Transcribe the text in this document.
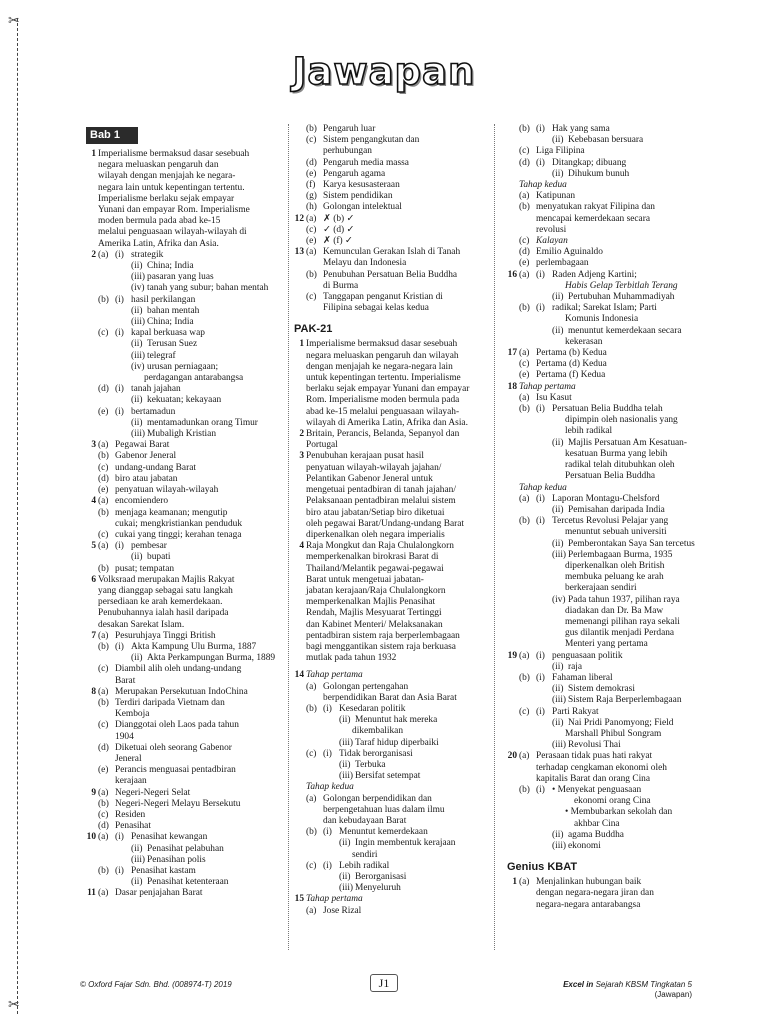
✂
✂
Jawapan
Bab 1
1 Imperialisme bermaksud dasar sesebuah
negara meluaskan pengaruh dan
wilayah dengan menjajah ke negara-
negara lain untuk kepentingan tertentu.
Imperialisme berlaku sejak empayar
Yunani dan empayar Rom. Imperialisme
moden bermula pada abad ke-15
melalui penguasaan wilayah-wilayah di
Amerika Latin, Afrika dan Asia.
2 (a) (i) strategik
(ii) China; India
(iii) pasaran yang luas
(iv) tanah yang subur; bahan mentah
(b) (i) hasil perkilangan
(ii) bahan mentah
(iii) China; India
(c) (i) kapal berkuasa wap
(ii) Terusan Suez
(iii) telegraf
(iv) urusan perniagaan;
perdagangan antarabangsa
(d) (i) tanah jajahan
(ii) kekuatan; kekayaan
(e) (i) bertamadun
(ii) mentamadunkan orang Timur
(iii) Mubaligh Kristian
3 (a) Pegawai Barat
(b) Gabenor Jeneral
(c) undang-undang Barat
(d) biro atau jabatan
(e) penyatuan wilayah-wilayah
4 (a) encomiendero
(b) menjaga keamanan; mengutip
cukai; mengkristiankan penduduk
(c) cukai yang tinggi; kerahan tenaga
5 (a) (i) pembesar
(ii) bupati
(b) pusat; tempatan
6 Volksraad merupakan Majlis Rakyat
yang dianggap sebagai satu langkah
persediaan ke arah kemerdekaan.
Penubuhannya ialah hasil daripada
desakan Sarekat Islam.
7 (a) Pesuruhjaya Tinggi British
(b) (i) Akta Kampung Ulu Burma, 1887
(ii) Akta Perkampungan Burma, 1889
(c) Diambil alih oleh undang-undang
Barat
8 (a) Merupakan Persekutuan IndoChina
(b) Terdiri daripada Vietnam dan
Kemboja
(c) Dianggotai oleh Laos pada tahun
1904
(d) Diketuai oleh seorang Gabenor
Jeneral
(e) Perancis menguasai pentadbiran
kerajaan
9 (a) Negeri-Negeri Selat
(b) Negeri-Negeri Melayu Bersekutu
(c) Residen
(d) Penasihat
10 (a) (i) Penasihat kewangan
(ii) Penasihat pelabuhan
(iii) Penasihan polis
(b) (i) Penasihat kastam
(ii) Penasihat ketenteraan
11 (a) Dasar penjajahan Barat
(b) Pengaruh luar
(c) Sistem pengangkutan dan
perhubungan
(d) Pengaruh media massa
(e) Pengaruh agama
(f) Karya kesusasteraan
(g) Sistem pendidikan
(h) Golongan intelektual
12 (a) ✗ (b) ✓
(c) ✓ (d) ✓
(e) ✗ (f) ✓
13 (a) Kemunculan Gerakan Islah di Tanah
Melayu dan Indonesia
(b) Penubuhan Persatuan Belia Buddha
di Burma
(c) Tanggapan penganut Kristian di
Filipina sebagai kelas kedua
PAK-21
1 Imperialisme bermaksud dasar sesebuah
negara meluaskan pengaruh dan wilayah
dengan menjajah ke negara-negara lain
untuk kepentingan tertentu. Imperialisme
berlaku sejak empayar Yunani dan empayar
Rom. Imperialisme moden bermula pada
abad ke-15 melalui penguasaan wilayah-
wilayah di Amerika Latin, Afrika dan Asia.
2 Britain, Perancis, Belanda, Sepanyol dan
Portugal
3 Penubuhan kerajaan pusat hasil
penyatuan wilayah-wilayah jajahan/
Pelantikan Gabenor Jeneral untuk
mengetuai pentadbiran di tanah jajahan/
Pelaksanaan pentadbiran melalui sistem
biro atau jabatan/Setiap biro diketuai
oleh pegawai Barat/Undang-undang Barat
diperkenalkan oleh negara imperialis
4 Raja Mongkut dan Raja Chulalongkorn
memperkenalkan birokrasi Barat di
Thailand/Melantik pegawai-pegawai
Barat untuk mengetuai jabatan-
jabatan kerajaan/Raja Chulalongkorn
memperkenalkan Majlis Penasihat
Rendah, Majlis Mesyuarat Tertinggi
dan Kabinet Menteri/ Melaksanakan
pentadbiran sistem raja berperlembagaan
bagi menggantikan sistem raja berkuasa
mutlak pada tahun 1932
14 Tahap pertama
(a) Golongan pertengahan
berpendidikan Barat dan Asia Barat
(b) (i) Kesedaran politik
(ii) Menuntut hak mereka
dikembalikan
(iii) Taraf hidup diperbaiki
(c) (i) Tidak berorganisasi
(ii) Terbuka
(iii) Bersifat setempat
Tahap kedua
(a) Golongan berpendidikan dan
berpengetahuan luas dalam ilmu
dan kebudayaan Barat
(b) (i) Menuntut kemerdekaan
(ii) Ingin membentuk kerajaan
sendiri
(c) (i) Lebih radikal
(ii) Berorganisasi
(iii) Menyeluruh
15 Tahap pertama
(a) Jose Rizal
(b) (i) Hak yang sama
(ii) Kebebasan bersuara
(c) Liga Filipina
(d) (i) Ditangkap; dibuang
(ii) Dihukum bunuh
Tahap kedua
(a) Katipunan
(b) menyatukan rakyat Filipina dan
mencapai kemerdekaan secara
revolusi
(c) Kalayan
(d) Emilio Aguinaldo
(e) perlembagaan
16 (a) (i) Raden Adjeng Kartini;
Habis Gelap Terbitlah Terang
(ii) Pertubuhan Muhammadiyah
(b) (i) radikal; Sarekat Islam; Parti
Komunis Indonesia
(ii) menuntut kemerdekaan secara
kekerasan
17 (a) Pertama (b) Kedua
(c) Pertama (d) Kedua
(e) Pertama (f) Kedua
18 Tahap pertama
(a) Isu Kasut
(b) (i) Persatuan Belia Buddha telah
dipimpin oleh nasionalis yang
lebih radikal
(ii) Majlis Persatuan Am Kesatuan-
kesatuan Burma yang lebih
radikal telah ditubuhkan oleh
Persatuan Belia Buddha
Tahap kedua
(a) (i) Laporan Montagu-Chelsford
(ii) Pemisahan daripada India
(b) (i) Tercetus Revolusi Pelajar yang
menuntut sebuah universiti
(ii) Pemberontakan Saya San tercetus
(iii) Perlembagaan Burma, 1935
diperkenalkan oleh British
membuka peluang ke arah
berkerajaan sendiri
(iv) Pada tahun 1937, pilihan raya
diadakan dan Dr. Ba Maw
memenangi pilihan raya sekali
gus dilantik menjadi Perdana
Menteri yang pertama
19 (a) (i) penguasaan politik
(ii) raja
(b) (i) Fahaman liberal
(ii) Sistem demokrasi
(iii) Sistem Raja Berperlembagaan
(c) (i) Parti Rakyat
(ii) Nai Pridi Panomyong; Field
Marshall Phibul Songram
(iii) Revolusi Thai
20 (a) Perasaan tidak puas hati rakyat
terhadap cengkaman ekonomi oleh
kapitalis Barat dan orang Cina
(b) (i) • Menyekat penguasaan
ekonomi orang Cina
• Membubarkan sekolah dan
akhbar Cina
(ii) agama Buddha
(iii) ekonomi
Genius KBAT
1 (a) Menjalinkan hubungan baik
dengan negara-negara jiran dan
negara-negara antarabangsa
© Oxford Fajar Sdn. Bhd. (008974-T) 2019	J1	Excel in Sejarah KBSM Tingkatan 5
(Jawapan)
